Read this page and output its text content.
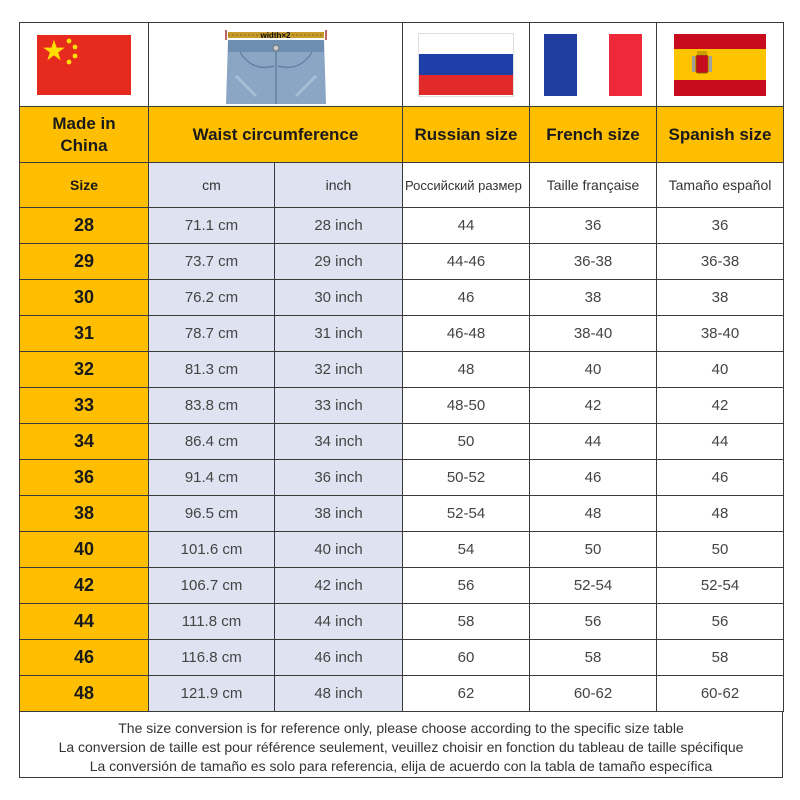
width×2

Made in China	Waist circumference		Russian size	French size	Spanish size
Size	cm	inch	Российский размер	Taille française	Tamaño español
28	71.1 cm	28 inch	44	36	36
29	73.7 cm	29 inch	44-46	36-38	36-38
30	76.2 cm	30 inch	46	38	38
31	78.7 cm	31 inch	46-48	38-40	38-40
32	81.3 cm	32 inch	48	40	40
33	83.8 cm	33 inch	48-50	42	42
34	86.4 cm	34 inch	50	44	44
36	91.4 cm	36 inch	50-52	46	46
38	96.5 cm	38 inch	52-54	48	48
40	101.6 cm	40 inch	54	50	50
42	106.7 cm	42 inch	56	52-54	52-54
44	111.8 cm	44 inch	58	56	56
46	116.8 cm	46 inch	60	58	58
48	121.9 cm	48 inch	62	60-62	60-62
The size conversion is for reference only, please choose according to the specific size table
La conversion de taille est pour référence seulement, veuillez choisir en fonction du tableau de taille spécifique
La conversión de tamaño es solo para referencia, elija de acuerdo con la tabla de tamaño específica
